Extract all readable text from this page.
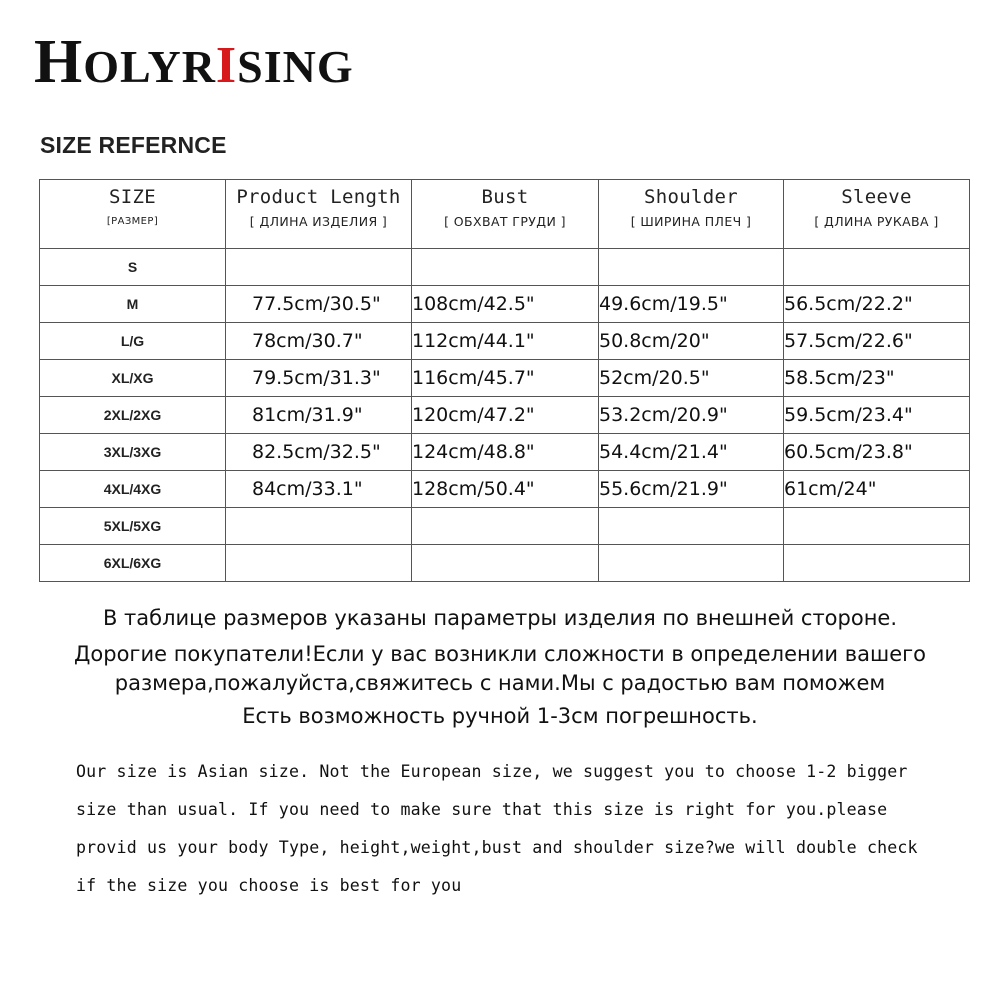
HOLYRISING
SIZE REFERNCE
SIZE
[РАЗМЕР]	Product Length
[ ДЛИНА ИЗДЕЛИЯ ]	Bust
[ ОБХВАТ ГРУДИ ]	Shoulder
[ ШИРИНА ПЛЕЧ ]	Sleeve
[ ДЛИНА РУКАВА ]

S				
M	77.5cm/30.5"	108cm/42.5"	49.6cm/19.5"	56.5cm/22.2"
L/G	78cm/30.7"	112cm/44.1"	50.8cm/20"	57.5cm/22.6"
XL/XG	79.5cm/31.3"	116cm/45.7"	52cm/20.5"	58.5cm/23"
2XL/2XG	81cm/31.9"	120cm/47.2"	53.2cm/20.9"	59.5cm/23.4"
3XL/3XG	82.5cm/32.5"	124cm/48.8"	54.4cm/21.4"	60.5cm/23.8"
4XL/4XG	84cm/33.1"	128cm/50.4"	55.6cm/21.9"	61cm/24"
5XL/5XG				
6XL/6XG				
В таблице размеров указаны параметры изделия по внешней стороне.
Дорогие покупатели!Если у вас возникли сложности в определении вашего
размера,пожалуйста,свяжитесь с нами.Мы с радостью вам поможем
Есть возможность ручной 1-3см погрешность.
Our size is Asian size. Not the European size, we suggest you to choose 1-2 bigger
size than usual. If you need to make sure that this size is right for you.please
provid us your body Type, height,weight,bust and shoulder size?we will double check
if the size you choose is best for you
